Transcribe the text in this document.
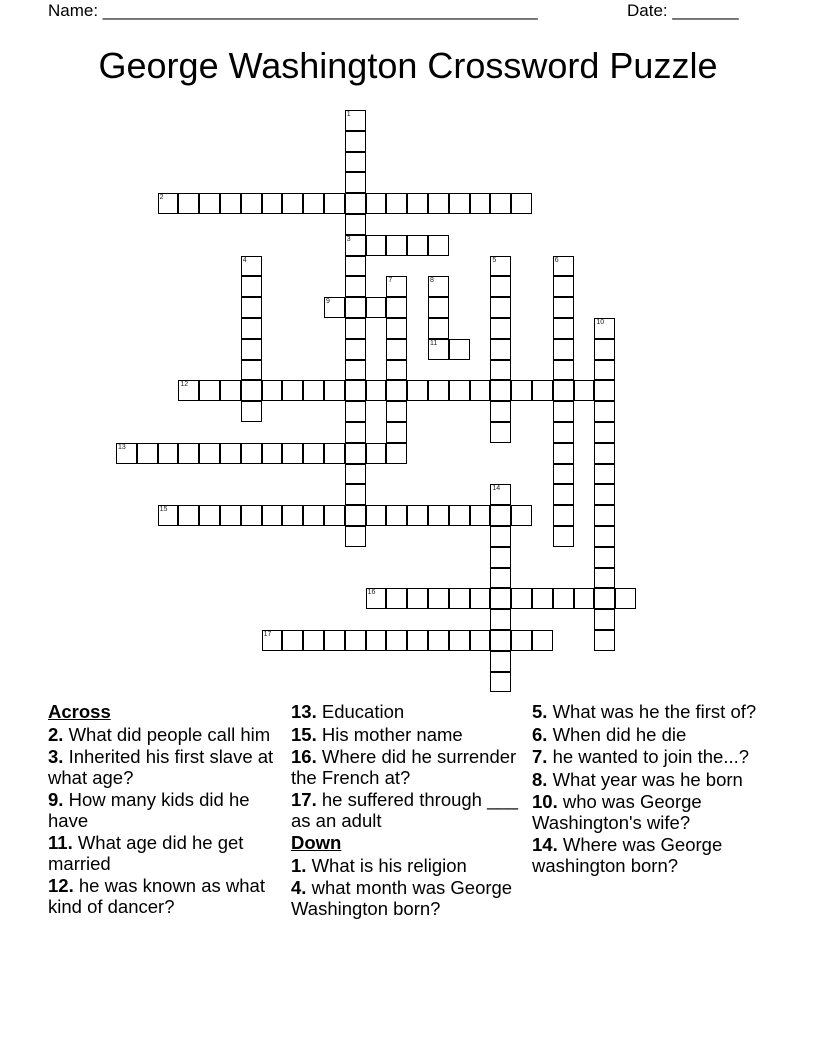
Name: ______________________________________________	Date: _______
George Washington Crossword Puzzle
1
3
2
4	5	6
7	8
11
9
10
12
13
14
15
16
17
Across
2. What did people call him
3. Inherited his first slave at what age?
9. How many kids did he have
11. What age did he get married
12. he was known as what kind of dancer?
13. Education
15. His mother name
16. Where did he surrender the French at?
17. he suffered through ___ as an adult
Down
1. What is his religion
4. what month was George Washington born?
5. What was he the first of?
6. When did he die
7. he wanted to join the...?
8. What year was he born
10. who was George Washington's wife?
14. Where was George washington born?
